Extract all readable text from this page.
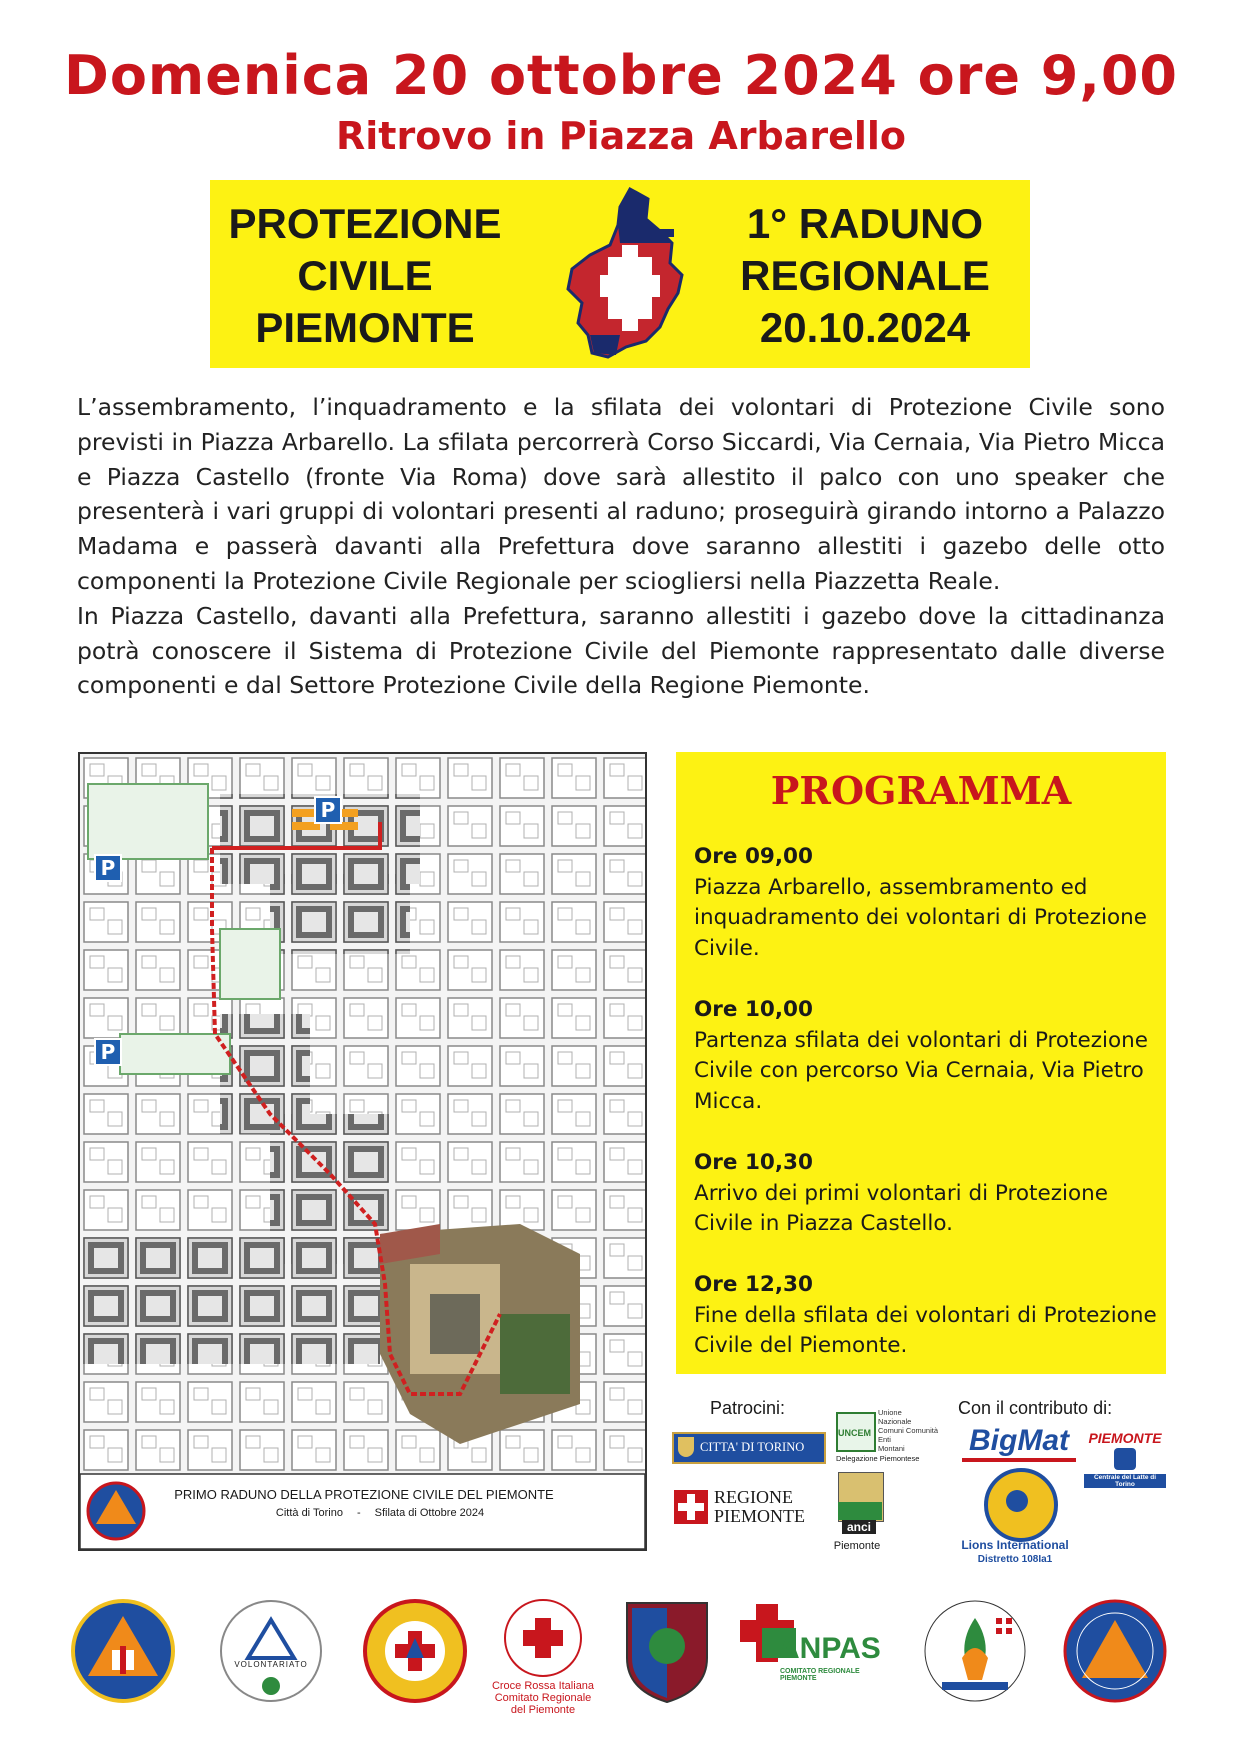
Domenica 20 ottobre 2024 ore 9,00
Ritrovo in Piazza Arbarello
PROTEZIONE
CIVILE
PIEMONTE
1° RADUNO
REGIONALE
20.10.2024

L’assembramento, l’inquadramento e la sfilata dei volontari di Protezione Civile sono previsti in Piazza Arbarello. La sfilata percorrerà Corso Siccardi, Via Cernaia, Via Pietro Micca e Piazza Castello (fronte Via Roma) dove sarà allestito il palco con uno speaker che presenterà i vari gruppi di volontari presenti al raduno; proseguirà girando intorno a Palazzo Madama e passerà davanti alla Prefettura dove saranno allestiti i gazebo delle otto componenti la Protezione Civile Regionale per sciogliersi nella Piazzetta Reale.

In Piazza Castello, davanti alla Prefettura, saranno allestiti i gazebo dove la cittadinanza potrà conoscere il Sistema di Protezione Civile del Piemonte rappresentato dalle diverse componenti e dal Settore Protezione Civile della Regione Piemonte.

PRIMO RADUNO DELLA PROTEZIONE CIVILE DEL PIEMONTE
Città di Torino - Sfilata di Ottobre 2024
P
P
P
PROGRAMMA
Ore 09,00
Piazza Arbarello, assembramento ed inquadramento dei volontari di Protezione Civile.
Ore 10,00
Partenza sfilata dei volontari di Protezione Civile con percorso Via Cernaia, Via Pietro Micca.
Ore 10,30
Arrivo dei primi volontari di Protezione Civile in Piazza Castello.
Ore 12,30
Fine della sfilata dei volontari di Protezione Civile del Piemonte.
Patrocini:	Con il contributo di:
CITTA' DI TORINO
REGIONE
PIEMONTE
UNCEM
Unione
Nazionale
Comuni Comunità
Enti
Montani
Delegazione Piemontese
anci
Piemonte
BigMat	PIEMONTE
Centrale del Latte di Torino
Lions International
Distretto 108Ia1
VOLONTARIATO
Croce Rossa Italiana
Comitato Regionale
del Piemonte
ANPAS
COMITATO REGIONALE PIEMONTE
